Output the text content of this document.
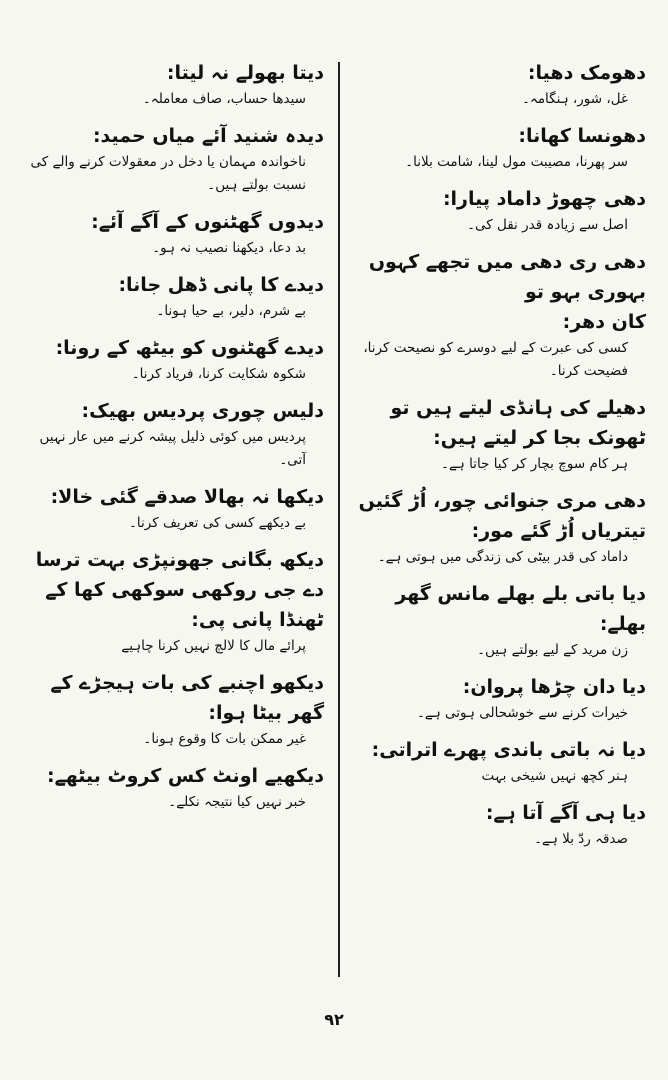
دھومک دھیا:
غل، شور، ہنگامہ۔
دھونسا کھانا:
سر پھرنا، مصیبت مول لینا، شامت بلانا۔
دھی چھوڑ داماد پیارا:
اصل سے زیادہ قدر نقل کی۔
دھی ری دھی میں تجھے کہوں بہوری بہو تو
کان دھر:
کسی کی عبرت کے لیے دوسرے کو نصیحت کرنا، فضیحت کرنا۔
دھیلے کی ہانڈی لیتے ہیں تو ٹھونک بجا کر لیتے ہیں:
ہر کام سوچ بچار کر کیا جاتا ہے۔
دھی مری جنوائی چور، اُڑ گئیں تیتریاں اُڑ گئے مور:
داماد کی قدر بیٹی کی زندگی میں ہوتی ہے۔
دیا باتی بلے بھلے مانس گھر بھلے:
زن مرید کے لیے بولتے ہیں۔
دیا دان چڑھا پروان:
خیرات کرنے سے خوشحالی ہوتی ہے۔
دیا نہ باتی باندی پھرے اتراتی:
ہنر کچھ نہیں شیخی بہت
دیا ہی آگے آتا ہے:
صدقہ ردّ بلا ہے۔
دیتا بھولے نہ لیتا:
سیدھا حساب، صاف معاملہ۔
دیدہ شنید آئے میاں حمید:
ناخواندہ مہمان یا دخل در معقولات کرنے والے کی نسبت بولتے ہیں۔
دیدوں گھٹنوں کے آگے آئے:
بد دعا، دیکھنا نصیب نہ ہو۔
دیدے کا پانی ڈھل جانا:
بے شرم، دلیر، بے حیا ہونا۔
دیدے گھٹنوں کو بیٹھ کے رونا:
شکوہ شکایت کرنا، فریاد کرنا۔
دلیس چوری پردیس بھیک:
پردیس میں کوئی ذلیل پیشہ کرنے میں عار نہیں آتی۔
دیکھا نہ بھالا صدقے گئی خالا:
بے دیکھے کسی کی تعریف کرنا۔
دیکھ بگانی جھونپڑی بہت ترسا دے جی روکھی سوکھی کھا کے ٹھنڈا پانی پی:
پرائے مال کا لالچ نہیں کرنا چاہیے
دیکھو اچنبے کی بات ہیجڑے کے گھر بیٹا ہوا:
غیر ممکن بات کا وقوع ہونا۔
دیکھیے اونٹ کس کروٹ بیٹھے:
خبر نہیں کیا نتیجہ نکلے۔
۹۲
